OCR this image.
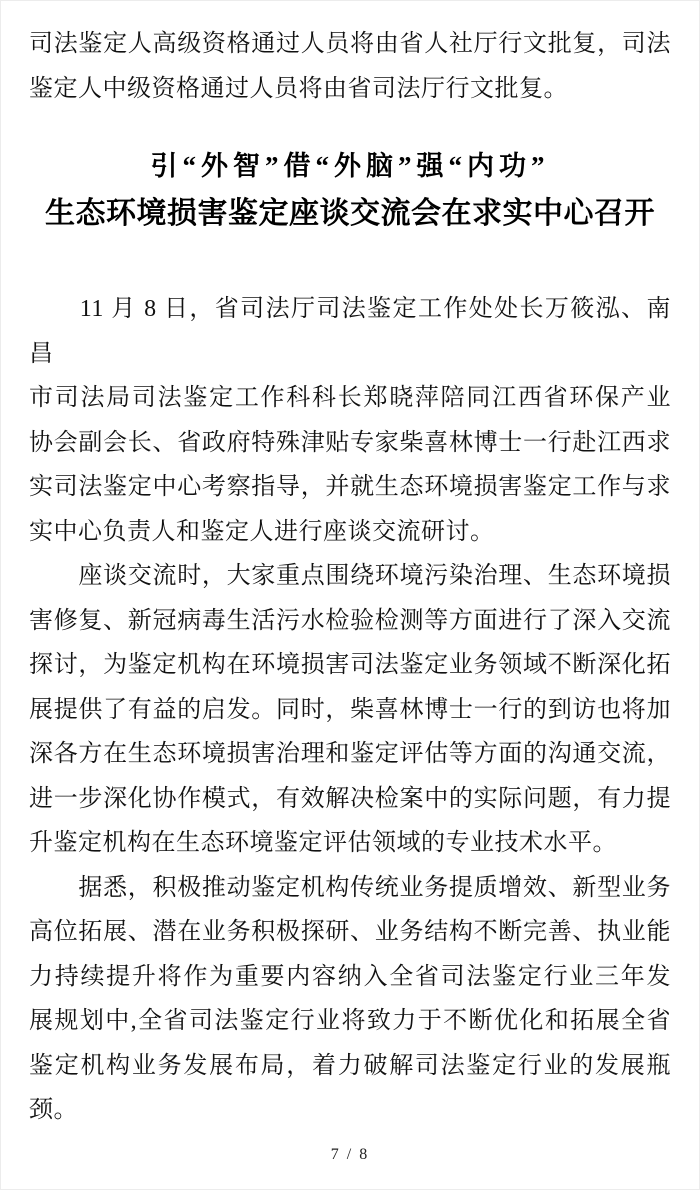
司法鉴定人高级资格通过人员将由省人社厅行文批复，司法
鉴定人中级资格通过人员将由省司法厅行文批复。
引“外智”借“外脑”强“内功”
生态环境损害鉴定座谈交流会在求实中心召开
　　11 月 8 日，省司法厅司法鉴定工作处处长万筱泓、南昌
市司法局司法鉴定工作科科长郑晓萍陪同江西省环保产业
协会副会长、省政府特殊津贴专家柴喜林博士一行赴江西求
实司法鉴定中心考察指导，并就生态环境损害鉴定工作与求
实中心负责人和鉴定人进行座谈交流研讨。
　　座谈交流时，大家重点围绕环境污染治理、生态环境损
害修复、新冠病毒生活污水检验检测等方面进行了深入交流
探讨，为鉴定机构在环境损害司法鉴定业务领域不断深化拓
展提供了有益的启发。同时，柴喜林博士一行的到访也将加
深各方在生态环境损害治理和鉴定评估等方面的沟通交流，
进一步深化协作模式，有效解决检案中的实际问题，有力提
升鉴定机构在生态环境鉴定评估领域的专业技术水平。
　　据悉，积极推动鉴定机构传统业务提质增效、新型业务
高位拓展、潜在业务积极探研、业务结构不断完善、执业能
力持续提升将作为重要内容纳入全省司法鉴定行业三年发
展规划中,全省司法鉴定行业将致力于不断优化和拓展全省
鉴定机构业务发展布局，着力破解司法鉴定行业的发展瓶
颈。
7 / 8
